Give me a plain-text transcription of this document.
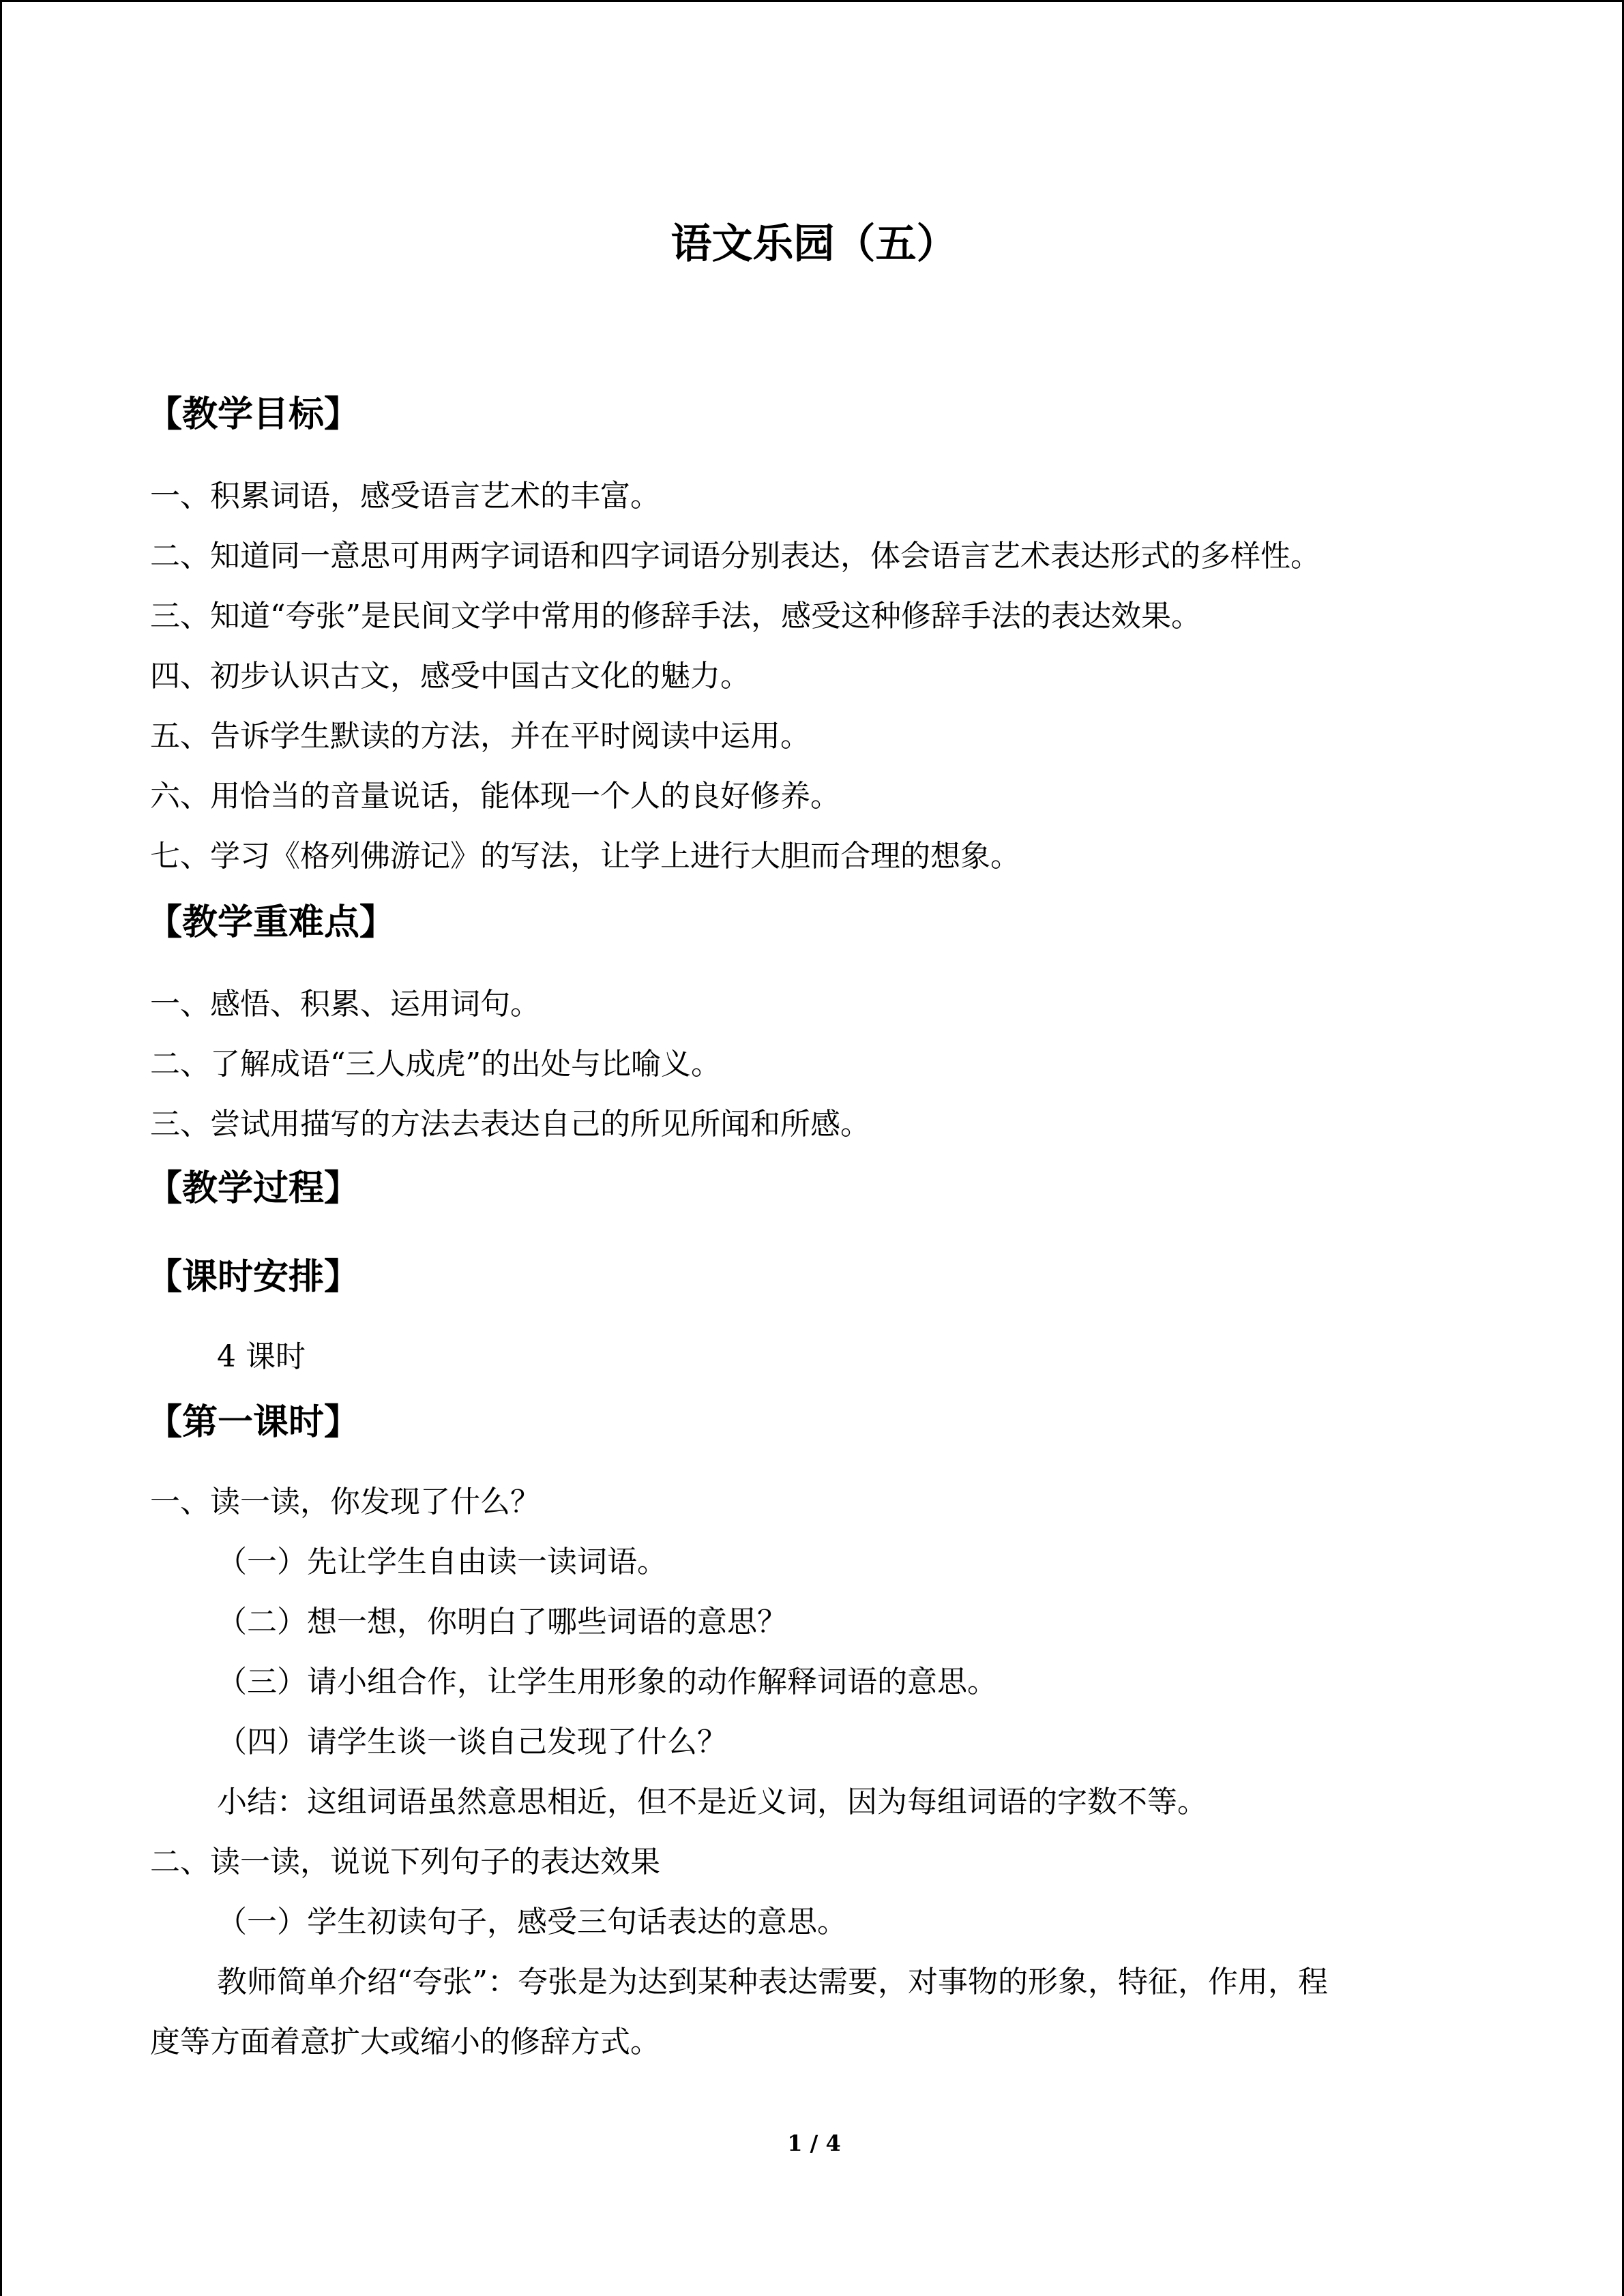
语文乐园（五）
【教学目标】
一、积累词语，感受语言艺术的丰富。
二、知道同一意思可用两字词语和四字词语分别表达，体会语言艺术表达形式的多样性。
三、知道“夸张”是民间文学中常用的修辞手法，感受这种修辞手法的表达效果。
四、初步认识古文，感受中国古文化的魅力。
五、告诉学生默读的方法，并在平时阅读中运用。
六、用恰当的音量说话，能体现一个人的良好修养。
七、学习《格列佛游记》的写法，让学上进行大胆而合理的想象。
【教学重难点】
一、感悟、积累、运用词句。
二、了解成语“三人成虎”的出处与比喻义。
三、尝试用描写的方法去表达自己的所见所闻和所感。
【教学过程】
【课时安排】
4 课时
【第一课时】
一、读一读，你发现了什么？
（一）先让学生自由读一读词语。
（二）想一想，你明白了哪些词语的意思？
（三）请小组合作，让学生用形象的动作解释词语的意思。
（四）请学生谈一谈自己发现了什么？
小结：这组词语虽然意思相近，但不是近义词，因为每组词语的字数不等。
二、读一读，说说下列句子的表达效果
（一）学生初读句子，感受三句话表达的意思。
教师简单介绍“夸张”：夸张是为达到某种表达需要，对事物的形象，特征，作用，程
度等方面着意扩大或缩小的修辞方式。
1 / 4
